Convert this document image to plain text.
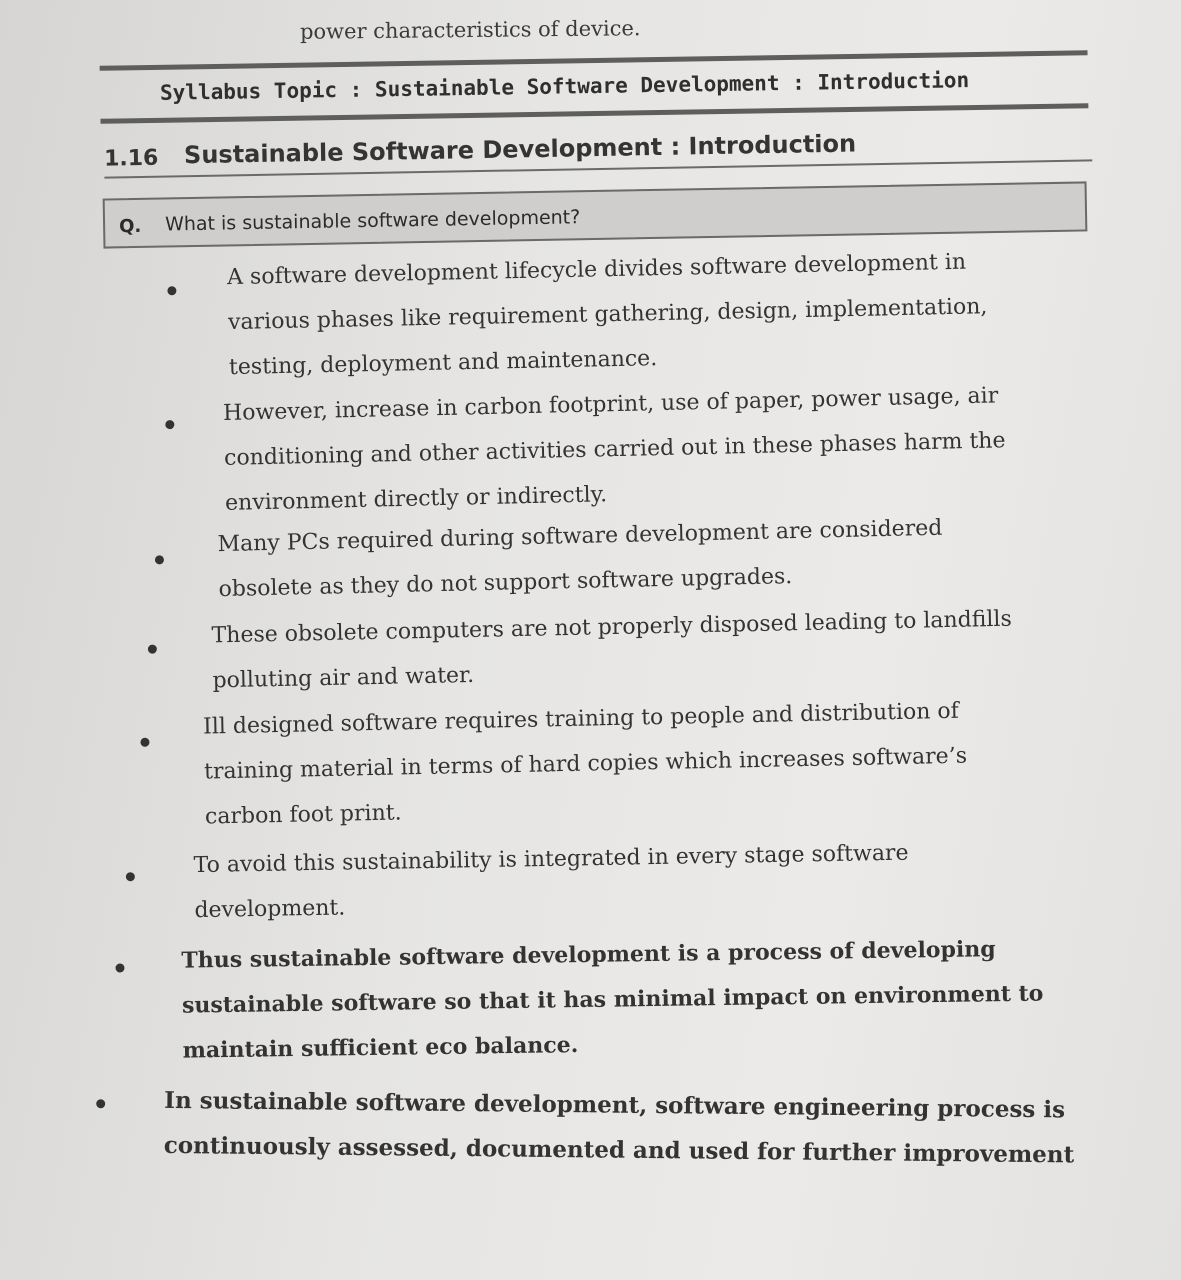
power characteristics of device.
Syllabus Topic : Sustainable Software Development : Introduction
1.16 Sustainable Software Development : Introduction
Q. What is sustainable software development?
A software development lifecycle divides software development in
various phases like requirement gathering, design, implementation,
testing, deployment and maintenance.
However, increase in carbon footprint, use of paper, power usage, air
conditioning and other activities carried out in these phases harm the
environment directly or indirectly.
Many PCs required during software development are considered
obsolete as they do not support software upgrades.
These obsolete computers are not properly disposed leading to landfills
polluting air and water.
Ill designed software requires training to people and distribution of
training material in terms of hard copies which increases software’s
carbon foot print.
To avoid this sustainability is integrated in every stage software
development.
Thus sustainable software development is a process of developing
sustainable software so that it has minimal impact on environment to
maintain sufficient eco balance.
In sustainable software development, software engineering process is
continuously assessed, documented and used for further improvement
